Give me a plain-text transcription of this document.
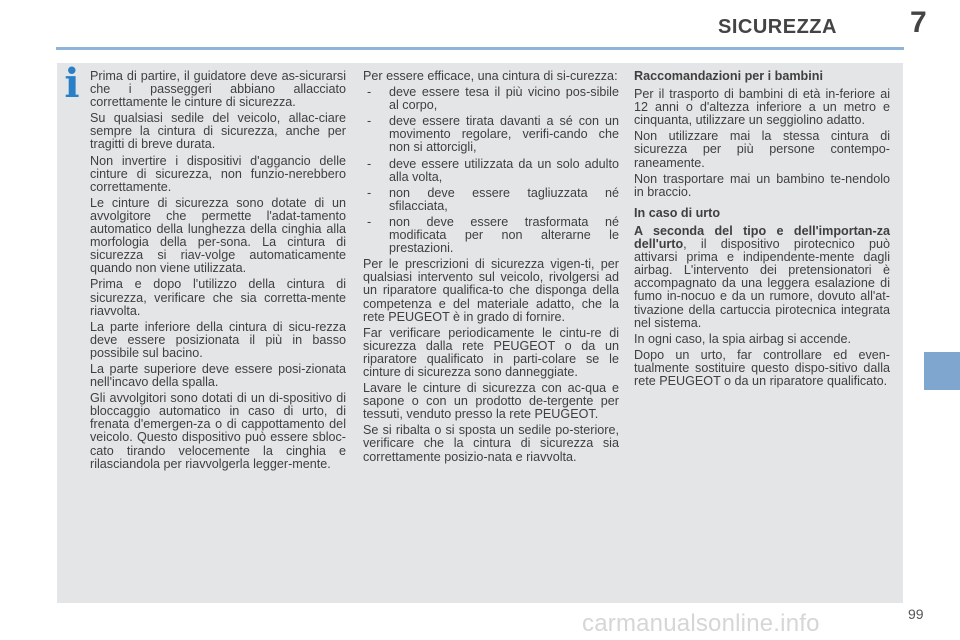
SICUREZZA	7
i Prima di partire, il guidatore deve as-sicurarsi che i passeggeri abbiano allacciato correttamente le cinture di sicurezza.

Su qualsiasi sedile del veicolo, allac-ciare sempre la cintura di sicurezza, anche per tragitti di breve durata.

Non invertire i dispositivi d'aggancio delle cinture di sicurezza, non funzio-nerebbero correttamente.

Le cinture di sicurezza sono dotate di un avvolgitore che permette l'adat-tamento automatico della lunghezza della cinghia alla morfologia della per-sona. La cintura di sicurezza si riav-volge automaticamente quando non viene utilizzata.

Prima e dopo l'utilizzo della cintura di sicurezza, verificare che sia corretta-mente riavvolta.

La parte inferiore della cintura di sicu-rezza deve essere posizionata il più in basso possibile sul bacino.

La parte superiore deve essere posi-zionata nell'incavo della spalla.

Gli avvolgitori sono dotati di un di-spositivo di bloccaggio automatico in caso di urto, di frenata d'emergen-za o di cappottamento del veicolo. Questo dispositivo può essere sbloc-cato tirando velocemente la cinghia e rilasciandola per riavvolgerla legger-mente.

Per essere efficace, una cintura di si-curezza:

- deve essere tesa il più vicino pos-sibile al corpo,
- deve essere tirata davanti a sé con un movimento regolare, verifi-cando che non si attorcigli,
- deve essere utilizzata da un solo adulto alla volta,
- non deve essere tagliuzzata né sfilacciata,
- non deve essere trasformata né modificata per non alterarne le prestazioni.

Per le prescrizioni di sicurezza vigen-ti, per qualsiasi intervento sul veicolo, rivolgersi ad un riparatore qualifica-to che disponga della competenza e del materiale adatto, che la rete PEUGEOT è in grado di fornire.

Far verificare periodicamente le cintu-re di sicurezza dalla rete PEUGEOT o da un riparatore qualificato in parti-colare se le cinture di sicurezza sono danneggiate.

Lavare le cinture di sicurezza con ac-qua e sapone o con un prodotto de-tergente per tessuti, venduto presso la rete PEUGEOT.

Se si ribalta o si sposta un sedile po-steriore, verificare che la cintura di sicurezza sia correttamente posizio-nata e riavvolta.

Raccomandazioni per i bambini

Per il trasporto di bambini di età in-feriore ai 12 anni o d'altezza inferiore a un metro e cinquanta, utilizzare un seggiolino adatto.

Non utilizzare mai la stessa cintura di sicurezza per più persone contempo-raneamente.

Non trasportare mai un bambino te-nendolo in braccio.

In caso di urto

A seconda del tipo e dell'importan-za dell'urto, il dispositivo pirotecnico può attivarsi prima e indipendente-mente dagli airbag. L'intervento dei pretensionatori è accompagnato da una leggera esalazione di fumo in-nocuo e da un rumore, dovuto all'at-tivazione della cartuccia pirotecnica integrata nel sistema.

In ogni caso, la spia airbag si accende.

Dopo un urto, far controllare ed even-tualmente sostituire questo dispo-sitivo dalla rete PEUGEOT o da un riparatore qualificato.

carmanualsonline.info	99
